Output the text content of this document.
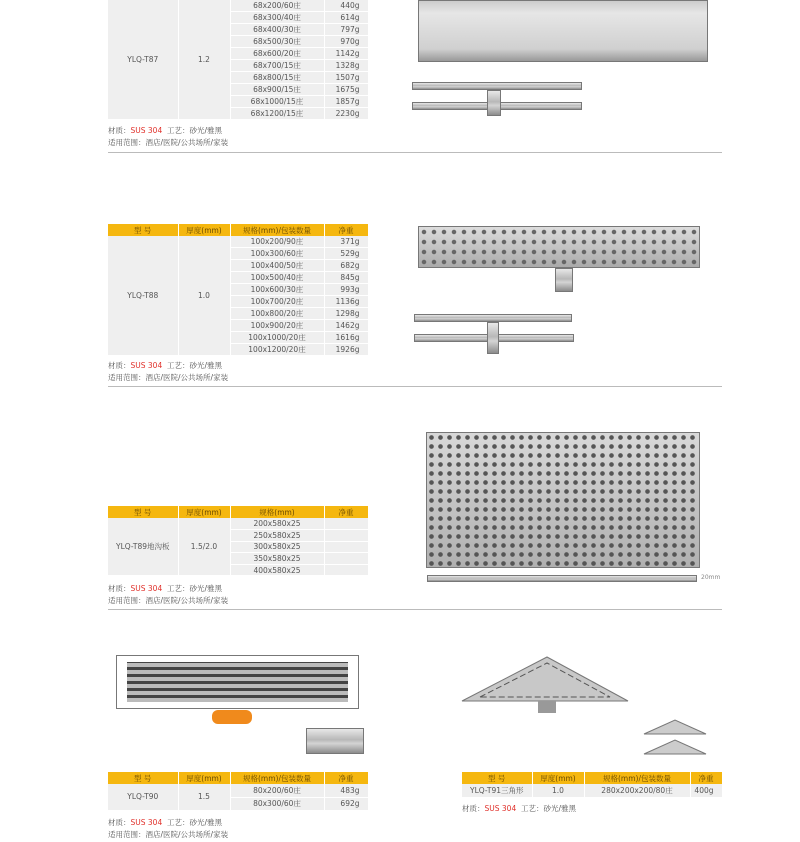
YLQ-T87	1.2	68x200/60庄	440g
		68x300/40庄	614g
		68x400/30庄	797g
		68x500/30庄	970g
		68x600/20庄	1142g
		68x700/15庄	1328g
		68x800/15庄	1507g
		68x900/15庄	1675g
		68x1000/15庄	1857g
		68x1200/15庄	2230g
型 号	厚度(mm)	规格(mm)/包装数量	净重
YLQ-T88	1.0	100x200/90庄	371g
		100x300/60庄	529g
		100x400/50庄	682g
		100x500/40庄	845g
		100x600/30庄	993g
		100x700/20庄	1136g
		100x800/20庄	1298g
		100x900/20庄	1462g
		100x1000/20庄	1616g
		100x1200/20庄	1926g
型 号	厚度(mm)	规格(mm)	净重
YLQ-T89地沟板	1.5/2.0	200x580x25	
		250x580x25	
		300x580x25	
		350x580x25	
		400x580x25	
型 号	厚度(mm)	规格(mm)/包装数量	净重
YLQ-T90	1.5	80x200/60庄	483g
		80x300/60庄	692g
型 号	厚度(mm)	规格(mm)/包装数量	净重
YLQ-T91三角形	1.0	280x200x200/80庄	400g
材质：SUS 304 工艺：砂光/雅黑
适用范围：酒店/医院/公共场所/家装
材质：SUS 304 工艺：砂光/雅黑
适用范围：酒店/医院/公共场所/家装
材质：SUS 304 工艺：砂光/雅黑
适用范围：酒店/医院/公共场所/家装
材质：SUS 304 工艺：砂光/雅黑
适用范围：酒店/医院/公共场所/家装
材质：SUS 304 工艺：砂光/雅黑
20mm
